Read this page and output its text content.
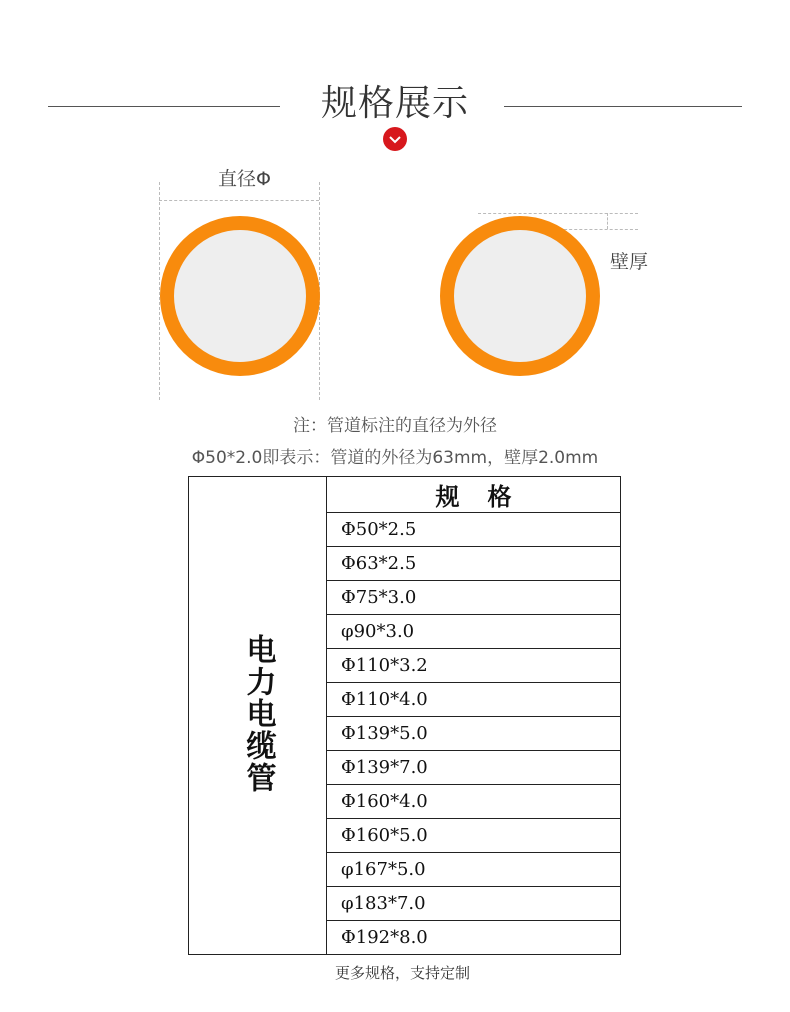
规格展示
直径Φ
壁厚
注：管道标注的直径为外径
Φ50*2.0即表示：管道的外径为63mm，壁厚2.0mm
电力电缆管	规格
Φ50*2.5
Φ63*2.5
Φ75*3.0
φ90*3.0
Φ110*3.2
Φ110*4.0
Φ139*5.0
Φ139*7.0
Φ160*4.0
Φ160*5.0
φ167*5.0
φ183*7.0
Φ192*8.0
更多规格，支持定制
